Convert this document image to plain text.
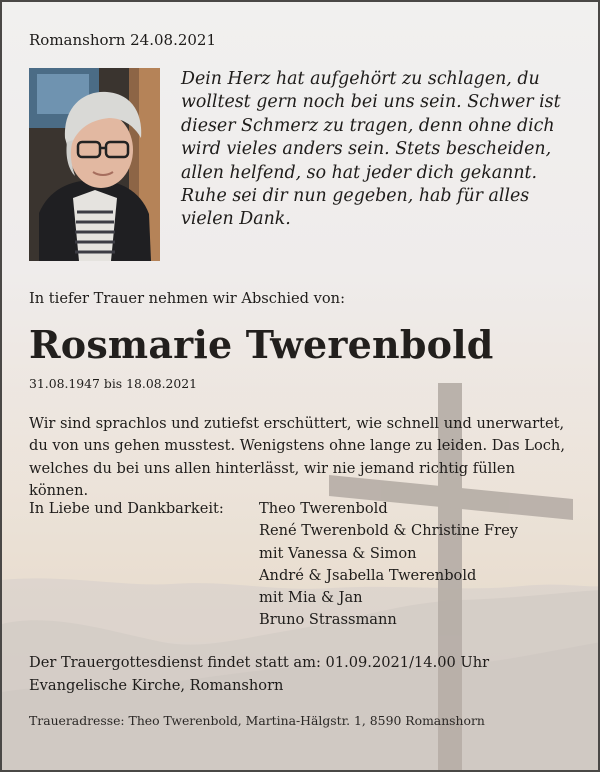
Romanshorn 24.08.2021
Dein Herz hat aufgehört zu schlagen, du wolltest gern noch bei uns sein. Schwer ist dieser Schmerz zu tragen, denn ohne dich wird vieles anders sein. Stets bescheiden, allen helfend, so hat jeder dich gekannt. Ruhe sei dir nun gegeben, hab für alles vielen Dank.
In tiefer Trauer nehmen wir Abschied von:
Rosmarie Twerenbold
31.08.1947 bis 18.08.2021
Wir sind sprachlos und zutiefst erschüttert, wie schnell und unerwartet, du von uns gehen musstest. Wenigstens ohne lange zu leiden. Das Loch, welches du bei uns allen hinterlässt, wir nie jemand richtig füllen können.
In Liebe und Dankbarkeit: Theo Twerenbold
René Twerenbold & Christine Frey
mit Vanessa & Simon
André & Jsabella Twerenbold
mit Mia & Jan
Bruno Strassmann
Der Trauergottesdienst findet statt am: 01.09.2021/14.00 Uhr
Evangelische Kirche, Romanshorn
Traueradresse: Theo Twerenbold, Martina-Hälgstr. 1, 8590 Romanshorn
